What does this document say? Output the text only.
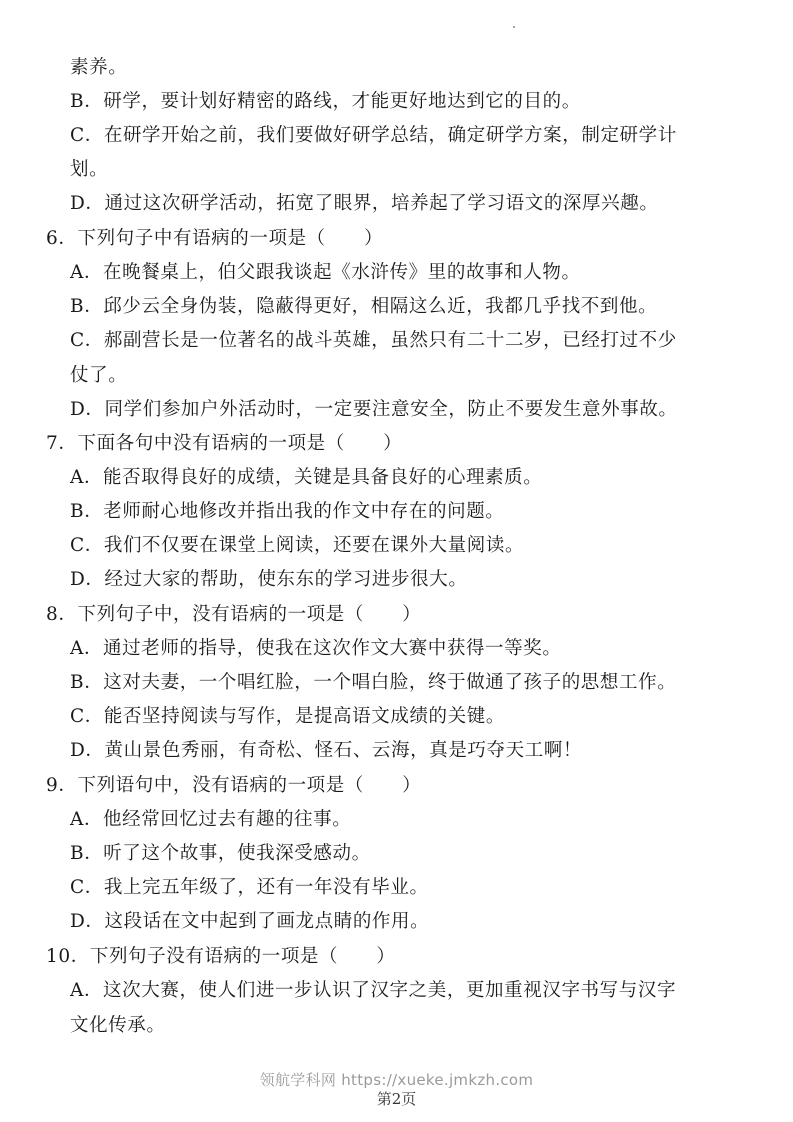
素养。
B．研学，要计划好精密的路线，才能更好地达到它的目的。
C．在研学开始之前，我们要做好研学总结，确定研学方案，制定研学计
划。
D．通过这次研学活动，拓宽了眼界，培养起了学习语文的深厚兴趣。
6．下列句子中有语病的一项是（　　）
A．在晚餐桌上，伯父跟我谈起《水浒传》里的故事和人物。
B．邱少云全身伪装，隐蔽得更好，相隔这么近，我都几乎找不到他。
C．郝副营长是一位著名的战斗英雄，虽然只有二十二岁，已经打过不少
仗了。
D．同学们参加户外活动时，一定要注意安全，防止不要发生意外事故。
7．下面各句中没有语病的一项是（　　）
A．能否取得良好的成绩，关键是具备良好的心理素质。
B．老师耐心地修改并指出我的作文中存在的问题。
C．我们不仅要在课堂上阅读，还要在课外大量阅读。
D．经过大家的帮助，使东东的学习进步很大。
8．下列句子中，没有语病的一项是（　　）
A．通过老师的指导，使我在这次作文大赛中获得一等奖。
B．这对夫妻，一个唱红脸，一个唱白脸，终于做通了孩子的思想工作。
C．能否坚持阅读与写作，是提高语文成绩的关键。
D．黄山景色秀丽，有奇松、怪石、云海，真是巧夺天工啊！
9．下列语句中，没有语病的一项是（　　）
A．他经常回忆过去有趣的往事。
B．听了这个故事，使我深受感动。
C．我上完五年级了，还有一年没有毕业。
D．这段话在文中起到了画龙点睛的作用。
10．下列句子没有语病的一项是（　　）
A．这次大赛，使人们进一步认识了汉字之美，更加重视汉字书写与汉字
文化传承。
领航学科网 https://xueke.jmkzh.com
第2页
